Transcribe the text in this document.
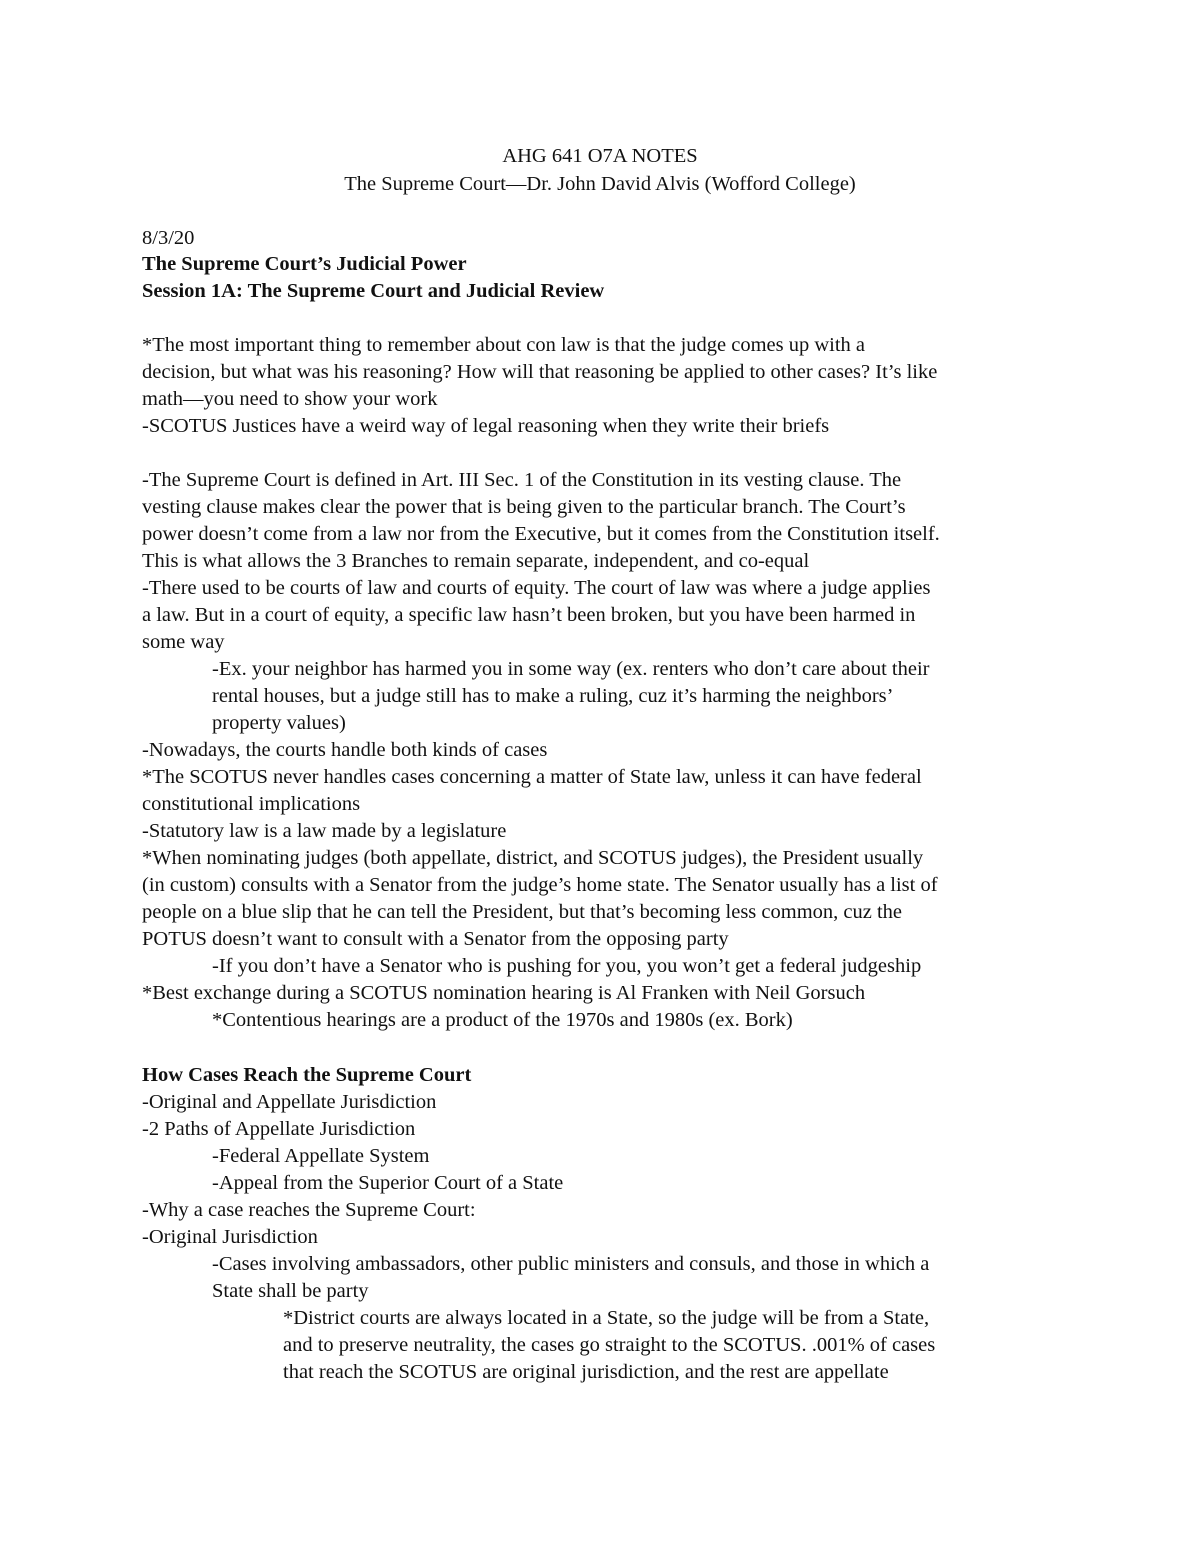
AHG 641 O7A NOTES
The Supreme Court—Dr. John David Alvis (Wofford College)
8/3/20
The Supreme Court’s Judicial Power
Session 1A: The Supreme Court and Judicial Review
*The most important thing to remember about con law is that the judge comes up with a
decision, but what was his reasoning? How will that reasoning be applied to other cases? It’s like
math—you need to show your work
-SCOTUS Justices have a weird way of legal reasoning when they write their briefs
-The Supreme Court is defined in Art. III Sec. 1 of the Constitution in its vesting clause. The
vesting clause makes clear the power that is being given to the particular branch. The Court’s
power doesn’t come from a law nor from the Executive, but it comes from the Constitution itself.
This is what allows the 3 Branches to remain separate, independent, and co-equal
-There used to be courts of law and courts of equity. The court of law was where a judge applies
a law. But in a court of equity, a specific law hasn’t been broken, but you have been harmed in
some way
-Ex. your neighbor has harmed you in some way (ex. renters who don’t care about their
rental houses, but a judge still has to make a ruling, cuz it’s harming the neighbors’
property values)
-Nowadays, the courts handle both kinds of cases
*The SCOTUS never handles cases concerning a matter of State law, unless it can have federal
constitutional implications
-Statutory law is a law made by a legislature
*When nominating judges (both appellate, district, and SCOTUS judges), the President usually
(in custom) consults with a Senator from the judge’s home state. The Senator usually has a list of
people on a blue slip that he can tell the President, but that’s becoming less common, cuz the
POTUS doesn’t want to consult with a Senator from the opposing party
-If you don’t have a Senator who is pushing for you, you won’t get a federal judgeship
*Best exchange during a SCOTUS nomination hearing is Al Franken with Neil Gorsuch
*Contentious hearings are a product of the 1970s and 1980s (ex. Bork)
How Cases Reach the Supreme Court
-Original and Appellate Jurisdiction
-2 Paths of Appellate Jurisdiction
-Federal Appellate System
-Appeal from the Superior Court of a State
-Why a case reaches the Supreme Court:
-Original Jurisdiction
-Cases involving ambassadors, other public ministers and consuls, and those in which a
State shall be party
*District courts are always located in a State, so the judge will be from a State,
and to preserve neutrality, the cases go straight to the SCOTUS. .001% of cases
that reach the SCOTUS are original jurisdiction, and the rest are appellate
